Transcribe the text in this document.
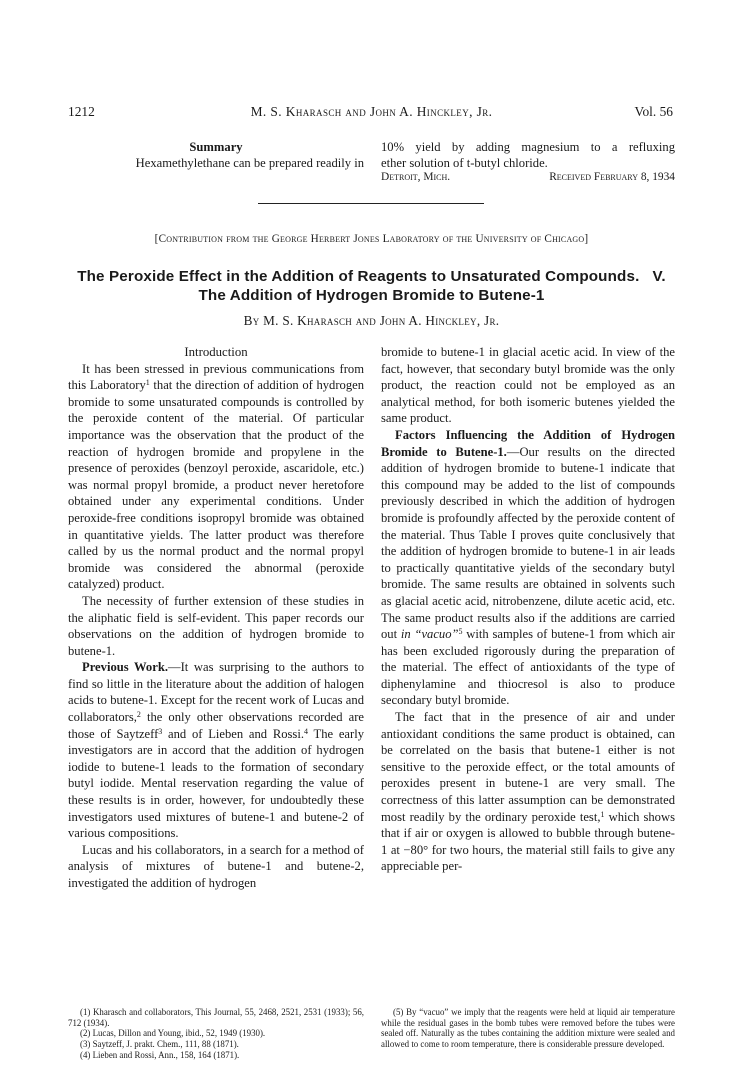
1212	M. S. Kharasch and John A. Hinckley, Jr.	Vol. 56
Summary
Hexamethylethane can be prepared readily in
10% yield by adding magnesium to a refluxing
ether solution of t-butyl chloride.
Detroit, Mich.	Received February 8, 1934
[Contribution from the George Herbert Jones Laboratory of the University of Chicago]
The Peroxide Effect in the Addition of Reagents to Unsaturated Compounds.   V.
The Addition of Hydrogen Bromide to Butene-1
By M. S. Kharasch and John A. Hinckley, Jr.
Introduction

It has been stressed in previous communications from this Laboratory$^1$ that the direction of addition of hydrogen bromide to some unsaturated compounds is controlled by the peroxide content of the material. Of particular importance was the observation that the product of the reaction of hydrogen bromide and propylene in the presence of peroxides (benzoyl peroxide, ascaridole, etc.) was normal propyl bromide, a product never heretofore obtained under any experimental conditions. Under peroxide-free conditions isopropyl bromide was obtained in quantitative yields. The latter product was therefore called by us the normal product and the normal propyl bromide was considered the abnormal (peroxide catalyzed) product.

The necessity of further extension of these studies in the aliphatic field is self-evident. This paper records our observations on the addition of hydrogen bromide to butene-1.

Previous Work.—It was surprising to the authors to find so little in the literature about the addition of halogen acids to butene-1. Except for the recent work of Lucas and collaborators,$^2$ the only other observations recorded are those of Saytzeff$^3$ and of Lieben and Rossi.$^4$ The early investigators are in accord that the addition of hydrogen iodide to butene-1 leads to the formation of secondary butyl iodide. Mental reservation regarding the value of these results is in order, however, for undoubtedly these investigators used mixtures of butene-1 and butene-2 of various compositions.

Lucas and his collaborators, in a search for a method of analysis of mixtures of butene-1 and butene-2, investigated the addition of hydrogen

bromide to butene-1 in glacial acetic acid. In view of the fact, however, that secondary butyl bromide was the only product, the reaction could not be employed as an analytical method, for both isomeric butenes yielded the same product.

Factors Influencing the Addition of Hydrogen Bromide to Butene-1.—Our results on the directed addition of hydrogen bromide to butene-1 indicate that this compound may be added to the list of compounds previously described in which the addition of hydrogen bromide is profoundly affected by the peroxide content of the material. Thus Table I proves quite conclusively that the addition of hydrogen bromide to butene-1 in air leads to practically quantitative yields of the secondary butyl bromide. The same results are obtained in solvents such as glacial acetic acid, nitrobenzene, dilute acetic acid, etc. The same product results also if the additions are carried out in “vacuo”$^5$ with samples of butene-1 from which air has been excluded rigorously during the preparation of the material. The effect of antioxidants of the type of diphenylamine and thiocresol is also to produce secondary butyl bromide.

The fact that in the presence of air and under antioxidant conditions the same product is obtained, can be correlated on the basis that butene-1 either is not sensitive to the peroxide effect, or the total amounts of peroxides present in butene-1 are very small. The correctness of this latter assumption can be demonstrated most readily by the ordinary peroxide test,$^1$ which shows that if air or oxygen is allowed to bubble through butene-1 at −80° for two hours, the material still fails to give any appreciable per-

(1) Kharasch and collaborators, This Journal, 55, 2468, 2521, 2531 (1933); 56, 712 (1934).

(2) Lucas, Dillon and Young, ibid., 52, 1949 (1930).

(3) Saytzeff, J. prakt. Chem., 111, 88 (1871).

(4) Lieben and Rossi, Ann., 158, 164 (1871).

(5) By “vacuo” we imply that the reagents were held at liquid air temperature while the residual gases in the bomb tubes were removed before the tubes were sealed off. Naturally as the tubes containing the addition mixture were sealed and allowed to come to room temperature, there is considerable pressure developed.
